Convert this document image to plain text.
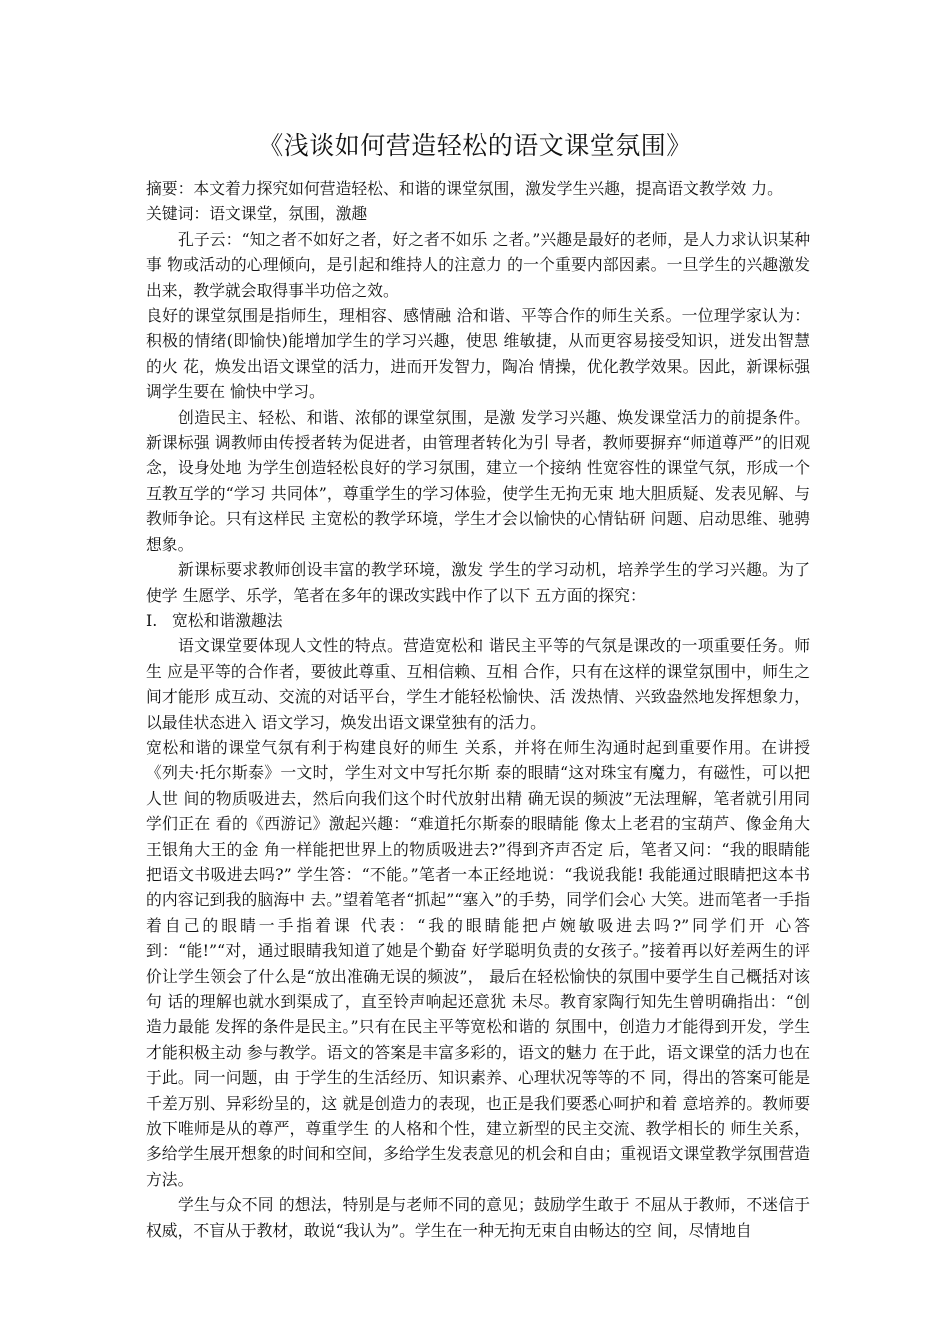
《浅谈如何营造轻松的语文课堂氛围》

摘要：本文着力探究如何营造轻松、和谐的课堂氛围，激发学生兴趣，提高语文教学效 力。

关键词：语文课堂，氛围，激趣

孔子云：“知之者不如好之者，好之者不如乐 之者。”兴趣是最好的老师，是人力求认识某种事 物或活动的心理倾向，是引起和维持人的注意力 的一个重要内部因素。一旦学生的兴趣激发出来，教学就会取得事半功倍之效。

良好的课堂氛围是指师生，理相容、感情融 洽和谐、平等合作的师生关系。一位理学家认为：积极的情绪(即愉快)能增加学生的学习兴趣，使思 维敏捷，从而更容易接受知识，迸发出智慧的火 花，焕发出语文课堂的活力，进而开发智力，陶冶 情操，优化教学效果。因此，新课标强调学生要在 愉快中学习。

创造民主、轻松、和谐、浓郁的课堂氛围，是激 发学习兴趣、焕发课堂活力的前提条件。新课标强 调教师由传授者转为促进者，由管理者转化为引 导者，教师要摒弃“师道尊严”的旧观念，设身处地 为学生创造轻松良好的学习氛围，建立一个接纳 性宽容性的课堂气氛，形成一个互教互学的“学习 共同体”，尊重学生的学习体验，使学生无拘无束 地大胆质疑、发表见解、与教师争论。只有这样民 主宽松的教学环境，学生才会以愉快的心情钻研 问题、启动思维、驰骋想象。

新课标要求教师创设丰富的教学环境，激发 学生的学习动机，培养学生的学习兴趣。为了使学 生愿学、乐学，笔者在多年的课改实践中作了以下 五方面的探究：

I. 宽松和谐激趣法

语文课堂要体现人文性的特点。营造宽松和 谐民主平等的气氛是课改的一项重要任务。师生 应是平等的合作者，要彼此尊重、互相信赖、互相 合作，只有在这样的课堂氛围中，师生之间才能形 成互动、交流的对话平台，学生才能轻松愉快、活 泼热情、兴致盎然地发挥想象力，以最佳状态进入 语文学习，焕发出语文课堂独有的活力。

宽松和谐的课堂气氛有利于构建良好的师生 关系，并将在师生沟通时起到重要作用。在讲授《列夫·托尔斯泰》一文时，学生对文中写托尔斯 泰的眼睛“这对珠宝有魔力，有磁性，可以把人世 间的物质吸进去，然后向我们这个时代放射出精 确无误的频波”无法理解，笔者就引用同学们正在 看的《西游记》激起兴趣：“难道托尔斯泰的眼睛能 像太上老君的宝葫芦、像金角大王银角大王的金 角一样能把世界上的物质吸进去?”得到齐声否定 后，笔者又问：“我的眼睛能把语文书吸进去吗?” 学生答：“不能。”笔者一本正经地说：“我说我能! 我能通过眼睛把这本书的内容记到我的脑海中 去。”望着笔者“抓起”“塞入”的手势，同学们会心 大笑。进而笔者一手指着自己的眼睛一手指着课 代表：“我的眼睛能把卢婉敏吸进去吗?”同学们开 心答到：“能!”“对，通过眼睛我知道了她是个勤奋 好学聪明负责的女孩子。”接着再以好差两生的评 价让学生领会了什么是“放出准确无误的频波”， 最后在轻松愉快的氛围中要学生自己概括对该句 话的理解也就水到渠成了，直至铃声响起还意犹 未尽。教育家陶行知先生曾明确指出：“创造力最能 发挥的条件是民主。”只有在民主平等宽松和谐的 氛围中，创造力才能得到开发，学生才能积极主动 参与教学。语文的答案是丰富多彩的，语文的魅力 在于此，语文课堂的活力也在于此。同一问题，由 于学生的生活经历、知识素养、心理状况等等的不 同，得出的答案可能是千差万别、异彩纷呈的，这 就是创造力的表现，也正是我们要悉心呵护和着 意培养的。教师要放下唯师是从的尊严，尊重学生 的人格和个性，建立新型的民主交流、教学相长的 师生关系，多给学生展开想象的时间和空间，多给学生发表意见的机会和自由；重视语文课堂教学氛围营造方法。

学生与众不同 的想法，特别是与老师不同的意见；鼓励学生敢于 不屈从于教师，不迷信于权威，不盲从于教材，敢说“我认为”。学生在一种无拘无束自由畅达的空 间，尽情地自
